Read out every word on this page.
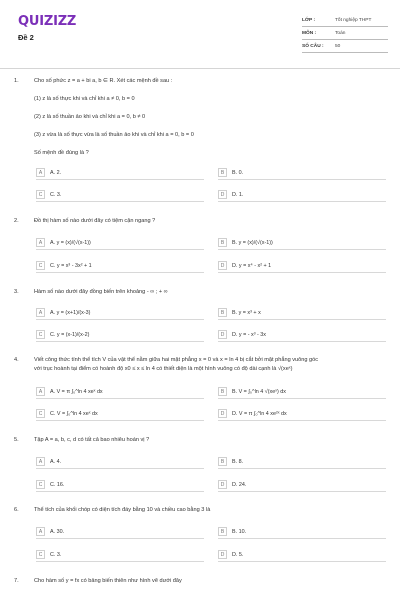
QUIZIZZ
Đề 2
LỚP :	Tốt nghiệp THPT
MÔN :	Toán
SỐ CÂU :	50
1.	Cho số phức z = a + bi a, b ∈ R. Xét các mệnh đề sau :
(1) z là số thực khi và chỉ khi a ≠ 0, b = 0
(2) z là số thuần ảo khi và chỉ khi a = 0, b ≠ 0
(3) z vừa là số thực vừa là số thuần ảo khi và chỉ khi a = 0, b = 0
Số mệnh đề đúng là ?
A	A. 2.	B	B. 0.
C	C. 3.	D	D. 1.
2.	Đồ thị hàm số nào dưới đây có tiệm cận ngang ?
A	A. y = (x)/(√(x-1))	B	B. y = (x)/(√(x-1))
C	C. y = x³ - 3x² + 1	D	D. y = x⁴ - x² + 1
3.	Hàm số nào dưới đây đồng biến trên khoảng - ∞ ; + ∞
A	A. y = (x+1)/(x-3)	B	B. y = x³ + x
C	C. y = (x-1)/(x-2)	D	D. y = - x³ - 3x
4.	Viết công thức tính thể tích V của vật thể nằm giữa hai mặt phẳng x = 0 và x = ln 4 bị cắt bởi mặt phẳng vuông góc
với trục hoành tại điểm có hoành độ x0 ≤ x ≤ ln 4 có thiết diện là một hình vuông có độ dài cạnh là √(xeˣ)
A	A. V = π ∫₀^ln 4 xeˣ dx	B	B. V = ∫₀^ln 4 √(xeˣ) dx
C	C. V = ∫₀^ln 4 xeˣ dx	D	D. V = π ∫₀^ln 4 xe²ˣ dx
5.	Tập A = a, b, c, d có tất cả bao nhiêu hoán vị ?
A	A. 4.	B	B. 8.
C	C. 16.	D	D. 24.
6.	Thể tích của khối chóp có diện tích đáy bằng 10 và chiều cao bằng 3 là
A	A. 30.	B	B. 10.
C	C. 3.	D	D. 5.
7.	Cho hàm số y = fx có bảng biến thiên như hình vẽ dưới đây
